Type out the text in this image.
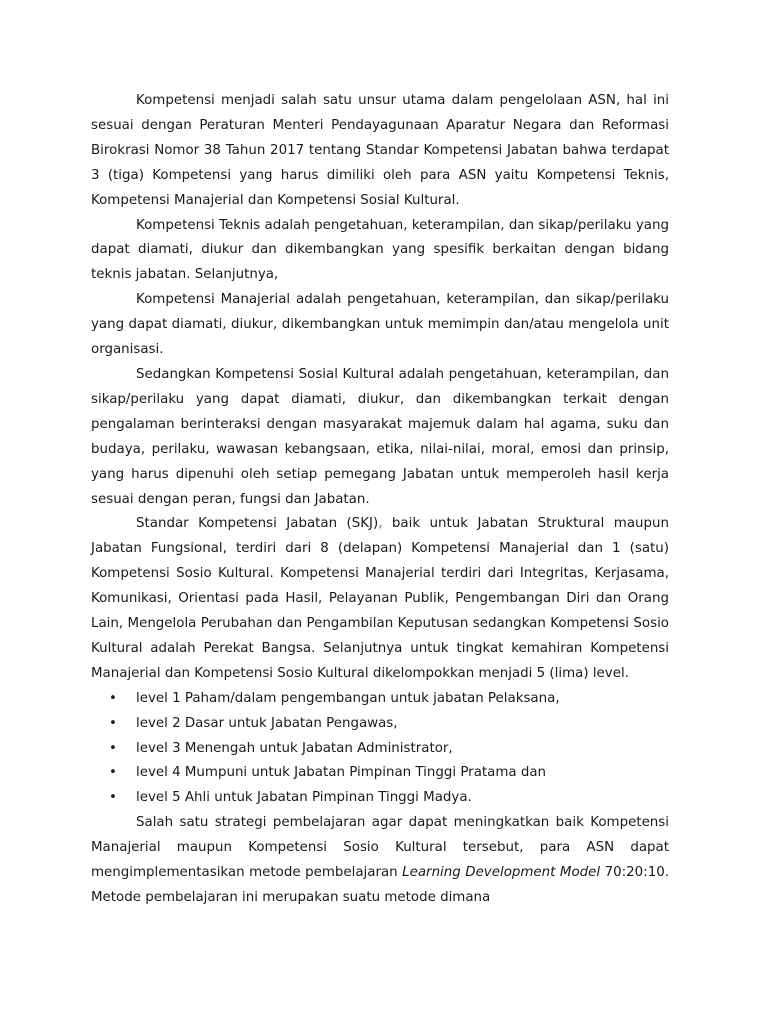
Kompetensi menjadi salah satu unsur utama dalam pengelolaan ASN, hal ini sesuai dengan Peraturan Menteri Pendayagunaan Aparatur Negara dan Reformasi Birokrasi Nomor 38 Tahun 2017 tentang Standar Kompetensi Jabatan bahwa terdapat 3 (tiga) Kompetensi yang harus dimiliki oleh para ASN yaitu Kompetensi Teknis, Kompetensi Manajerial dan Kompetensi Sosial Kultural.

Kompetensi Teknis adalah pengetahuan, keterampilan, dan sikap/perilaku yang dapat diamati, diukur dan dikembangkan yang spesifik berkaitan dengan bidang teknis jabatan. Selanjutnya,

Kompetensi Manajerial adalah pengetahuan, keterampilan, dan sikap/perilaku yang dapat diamati, diukur, dikembangkan untuk memimpin dan/atau mengelola unit organisasi.

Sedangkan Kompetensi Sosial Kultural adalah pengetahuan, keterampilan, dan sikap/perilaku yang dapat diamati, diukur, dan dikembangkan terkait dengan pengalaman berinteraksi dengan masyarakat majemuk dalam hal agama, suku dan budaya, perilaku, wawasan kebangsaan, etika, nilai-nilai, moral, emosi dan prinsip, yang harus dipenuhi oleh setiap pemegang Jabatan untuk memperoleh hasil kerja sesuai dengan peran, fungsi dan Jabatan.

Standar Kompetensi Jabatan (SKJ), baik untuk Jabatan Struktural maupun Jabatan Fungsional, terdiri dari 8 (delapan) Kompetensi Manajerial dan 1 (satu) Kompetensi Sosio Kultural. Kompetensi Manajerial terdiri dari Integritas, Kerjasama, Komunikasi, Orientasi pada Hasil, Pelayanan Publik, Pengembangan Diri dan Orang Lain, Mengelola Perubahan dan Pengambilan Keputusan sedangkan Kompetensi Sosio Kultural adalah Perekat Bangsa. Selanjutnya untuk tingkat kemahiran Kompetensi Manajerial dan Kompetensi Sosio Kultural dikelompokkan menjadi 5 (lima) level.

• level 1 Paham/dalam pengembangan untuk jabatan Pelaksana,
• level 2 Dasar untuk Jabatan Pengawas,
• level 3 Menengah untuk Jabatan Administrator,
• level 4 Mumpuni untuk Jabatan Pimpinan Tinggi Pratama dan
• level 5 Ahli untuk Jabatan Pimpinan Tinggi Madya.

Salah satu strategi pembelajaran agar dapat meningkatkan baik Kompetensi Manajerial maupun Kompetensi Sosio Kultural tersebut, para ASN dapat mengimplementasikan metode pembelajaran Learning Development Model 70:20:10. Metode pembelajaran ini merupakan suatu metode dimana
